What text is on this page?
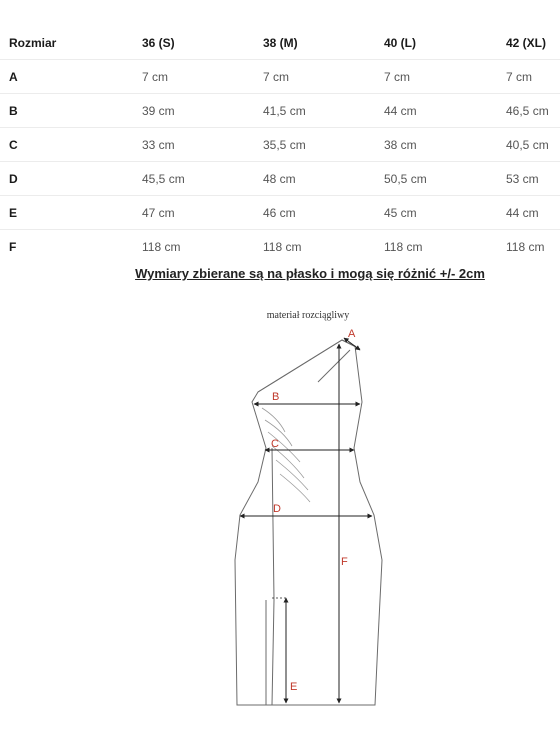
Rozmiar	36 (S)	38 (M)	40 (L)	42 (XL)
A	7 cm	7 cm	7 cm	7 cm
B	39 cm	41,5 cm	44 cm	46,5 cm
C	33 cm	35,5 cm	38 cm	40,5 cm
D	45,5 cm	48 cm	50,5 cm	53 cm
E	47 cm	46 cm	45 cm	44 cm
F	118 cm	118 cm	118 cm	118 cm
Wymiary zbierane są na płasko i mogą się różnić +/- 2cm
materiał rozciągliwy
A
B
C
D
E
F
